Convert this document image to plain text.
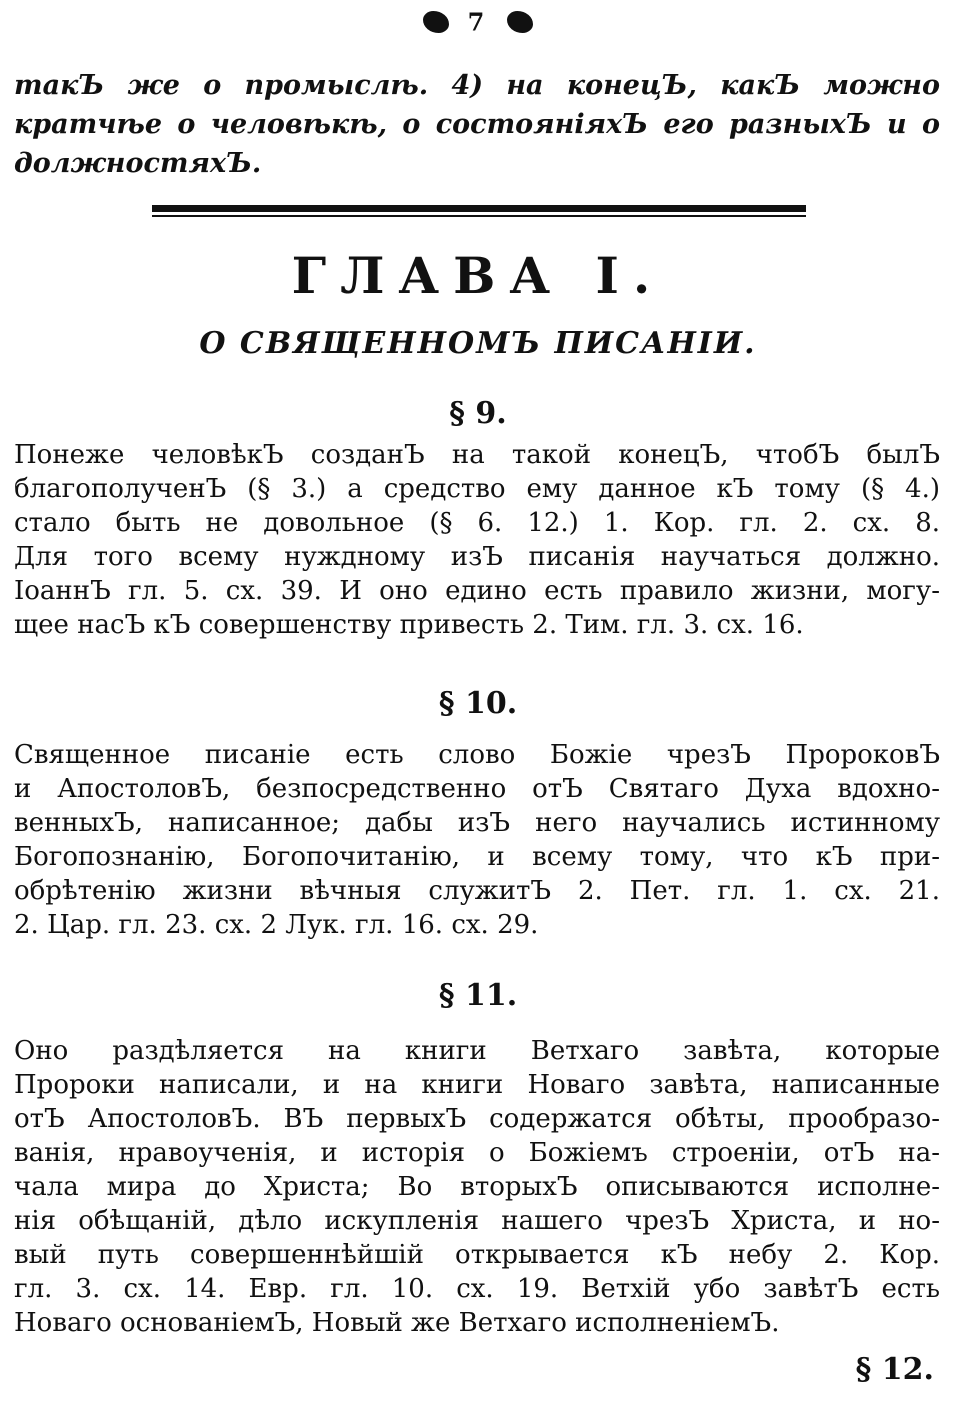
7
такЪ же о промыслѣ. 4) на конецЪ, какЪ можно кратчѣе о человѣкѣ, о состоянiяхЪ его разныхЪ и о должностяхЪ.
ГЛАВА I.
О СВЯЩЕННОМЪ ПИСАНIИ.
§ 9.
Понеже человѣкЪ созданЪ на такой конецЪ, чтобЪ былЪ
благополученЪ (§ 3.) а средство ему данное кЪ тому (§ 4.)
стало быть не довольное (§ 6. 12.) 1. Кор. гл. 2. сх. 8.
Для того всему нуждному изЪ писанiя научаться должно.
IоаннЪ гл. 5. сх. 39. И оно едино есть правило жизни, могу-
щее насЪ кЪ совершенству привесть 2. Тим. гл. 3. сх. 16.
§ 10.
Священное писанiе есть слово Божiе чрезЪ ПророковЪ
и АпостоловЪ, безпосредственно отЪ Святаго Духа вдохно-
венныхЪ, написанное; дабы изЪ него научались истинному
Богопознанiю, Богопочитанiю, и всему тому, что кЪ при-
обрѣтенiю жизни вѣчныя служитЪ 2. Пет. гл. 1. сх. 21.
2. Цар. гл. 23. сх. 2 Лук. гл. 16. сх. 29.
§ 11.
Оно раздѣляется на книги Ветхаго завѣта, которые
Пророки написали, и на книги Новаго завѣта, написанные
отЪ АпостоловЪ. ВЪ первыхЪ содержатся обѣты, прообразо-
ванiя, нравоученiя, и исторiя о Божiемъ строенiи, отЪ на-
чала мира до Христа; Во вторыхЪ описываются исполне-
нiя обѣщанiй, дѣло искупленiя нашего чрезЪ Христа, и но-
вый путь совершеннѣйшiй открывается кЪ небу 2. Кор.
гл. 3. сх. 14. Евр. гл. 10. сх. 19. Ветхiй убо завѣтЪ есть
Новаго основанiемЪ, Новый же Ветхаго исполненiемЪ.
§ 12.
